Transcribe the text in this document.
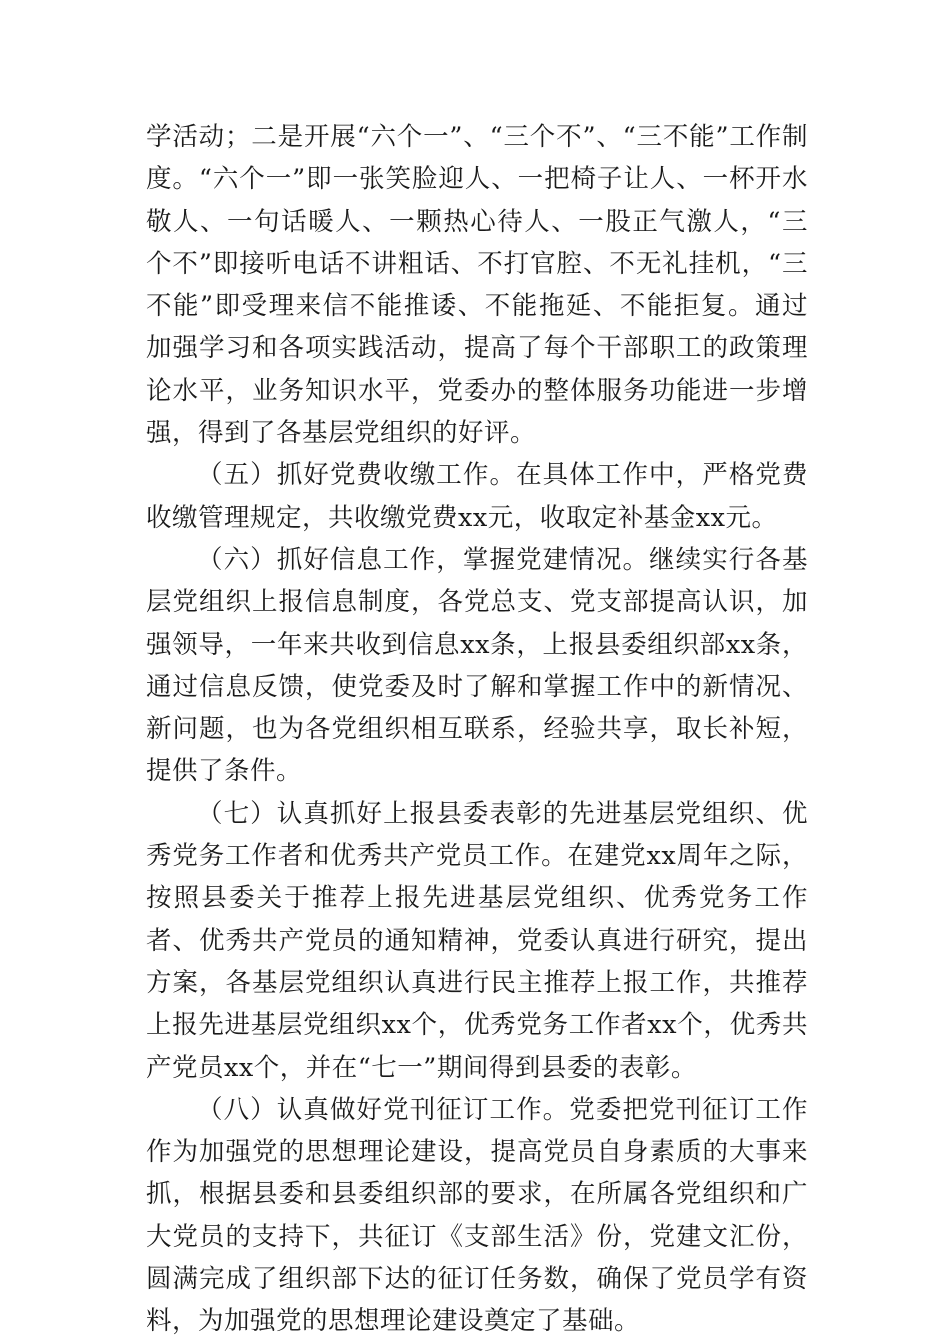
学活动；二是开展“六个一”、“三个不”、“三不能”工作制度。“六个一”即一张笑脸迎人、一把椅子让人、一杯开水敬人、一句话暖人、一颗热心待人、一股正气激人，“三个不”即接听电话不讲粗话、不打官腔、不无礼挂机，“三不能”即受理来信不能推诿、不能拖延、不能拒复。通过加强学习和各项实践活动，提高了每个干部职工的政策理论水平，业务知识水平，党委办的整体服务功能进一步增强，得到了各基层党组织的好评。

（五）抓好党费收缴工作。在具体工作中，严格党费收缴管理规定，共收缴党费xx元，收取定补基金xx元。

（六）抓好信息工作，掌握党建情况。继续实行各基层党组织上报信息制度，各党总支、党支部提高认识，加强领导，一年来共收到信息xx条，上报县委组织部xx条，通过信息反馈，使党委及时了解和掌握工作中的新情况、新问题，也为各党组织相互联系，经验共享，取长补短，提供了条件。

（七）认真抓好上报县委表彰的先进基层党组织、优秀党务工作者和优秀共产党员工作。在建党xx周年之际，按照县委关于推荐上报先进基层党组织、优秀党务工作者、优秀共产党员的通知精神，党委认真进行研究，提出方案，各基层党组织认真进行民主推荐上报工作，共推荐上报先进基层党组织xx个，优秀党务工作者xx个，优秀共产党员xx个，并在“七一”期间得到县委的表彰。

（八）认真做好党刊征订工作。党委把党刊征订工作作为加强党的思想理论建设，提高党员自身素质的大事来抓，根据县委和县委组织部的要求，在所属各党组织和广大党员的支持下，共征订《支部生活》份，党建文汇份，圆满完成了组织部下达的征订任务数，确保了党员学有资料，为加强党的思想理论建设奠定了基础。
